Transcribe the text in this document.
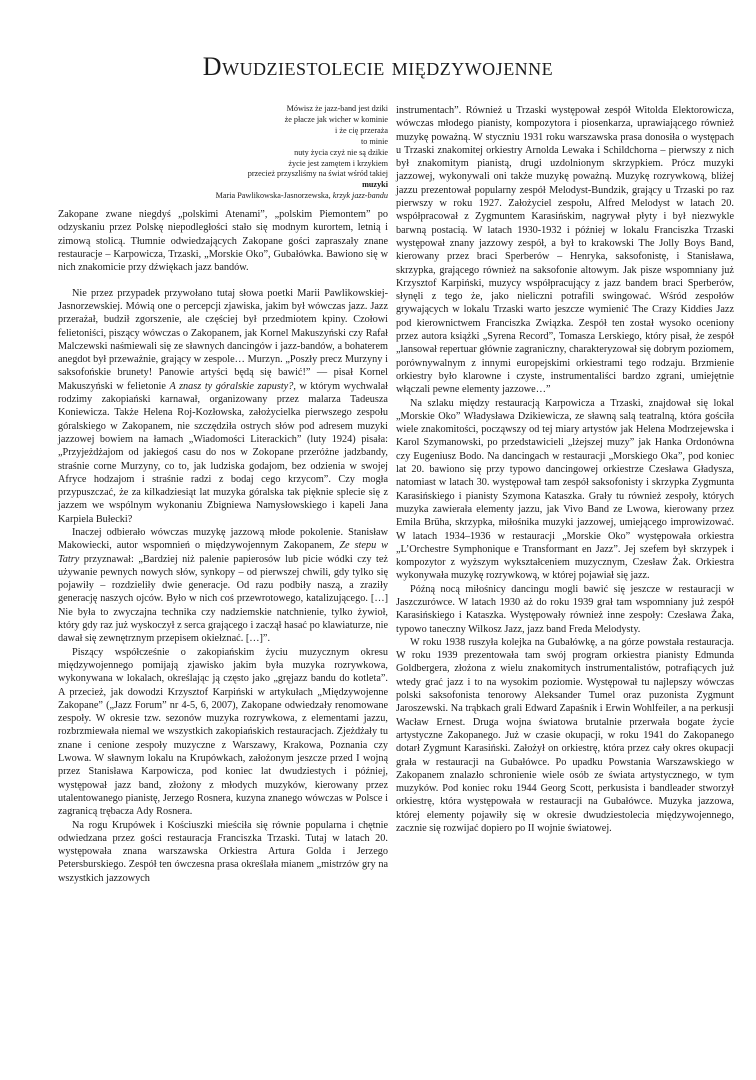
Dwudziestolecie międzywojenne
Mówisz że jazz-band jest dziki
że płacze jak wicher w kominie
i że cię przeraża
to minie
nuty życia czyż nie są dzikie
życie jest zamętem i krzykiem
przecież przyszliśmy na świat wśród takiej
muzyki
Maria Pawlikowska-Jasnorzewska, krzyk jazz-bandu

Zakopane zwane niegdyś „polskimi Atenami”, „polskim Piemontem” po odzyskaniu przez Polskę niepodległości stało się modnym kurortem, letnią i zimową stolicą. Tłumnie odwiedzających Zakopane gości zapraszały znane restauracje – Karpowicza, Trzaski, „Morskie Oko”, Gubałówka. Bawiono się w nich znakomicie przy dźwiękach jazz bandów.

Nie przez przypadek przywołano tutaj słowa poetki Marii Pawlikowskiej-Jasnorzewskiej. Mówią one o percepcji zjawiska, jakim był wówczas jazz. Jazz przerażał, budził zgorszenie, ale częściej był przedmiotem kpiny. Czołowi felietoniści, piszący wówczas o Zakopanem, jak Kornel Makuszyński czy Rafał Malczewski naśmiewali się ze sławnych dancingów i jazz-bandów, a bohaterem anegdot był przeważnie, grający w zespole… Murzyn. „Poszły precz Murzyny i saksofońskie brunety! Panowie artyści będą się bawić!” — pisał Kornel Makuszyński w felietonie A znasz ty góralskie zapusty?, w którym wychwalał rodzimy zakopiański karnawał, organizowany przez malarza Tadeusza Koniewicza. Także Helena Roj-Kozłowska, założycielka pierwszego zespołu góralskiego w Zakopanem, nie szczędziła ostrych słów pod adresem muzyki jazzowej bowiem na łamach „Wiadomości Literackich” (luty 1924) pisała: „Przyjeżdżajom od jakiegoś casu do nos w Zokopane przeróżne jadzbandy, straśnie corne Murzyny, co to, jak ludziska godajom, bez odzienia w swojej Afryce hodzajom i straśnie radzi z bodaj cego krzycom”. Czy mogła przypuszczać, że za kilkadziesiąt lat muzyka góralska tak pięknie splecie się z jazzem we wspólnym wykonaniu Zbigniewa Namysłowskiego i kapeli Jana Karpiela Bułecki?

Inaczej odbierało wówczas muzykę jazzową młode pokolenie. Stanisław Makowiecki, autor wspomnień o międzywojennym Zakopanem, Ze stepu w Tatry przyznawał: „Bardziej niż palenie papierosów lub picie wódki czy też używanie pewnych nowych słów, synkopy – od pierwszej chwili, gdy tylko się pojawiły – rozdzieliły dwie generacje. Od razu podbiły naszą, a zraziły generację naszych ojców. Było w nich coś przewrotowego, katalizującego. […] Nie była to zwyczajna technika czy nadziemskie natchnienie, tylko żywioł, który gdy raz już wyskoczył z serca grającego i zaczął hasać po klawiaturze, nie dawał się zewnętrznym przepisem okiełznać. […]”.

Piszący współcześnie o zakopiańskim życiu muzycznym okresu międzywojennego pomijają zjawisko jakim była muzyka rozrywkowa, wykonywana w lokalach, określając ją często jako „gręjazz bandu do kotleta”. A przecież, jak dowodzi Krzysztof Karpiński w artykułach „Międzywojenne Zakopane” („Jazz Forum” nr 4-5, 6, 2007), Zakopane odwiedzały renomowane zespoły. W okresie tzw. sezonów muzyka rozrywkowa, z elementami jazzu, rozbrzmiewała niemal we wszystkich zakopiańskich restauracjach. Zjeżdżały tu znane i cenione zespoły muzyczne z Warszawy, Krakowa, Poznania czy Lwowa. W sławnym lokalu na Krupówkach, założonym jeszcze przed I wojną przez Stanisława Karpowicza, pod koniec lat dwudziestych i później, występował jazz band, złożony z młodych muzyków, kierowany przez utalentowanego pianistę, Jerzego Rosnera, kuzyna znanego wówczas w Polsce i zagranicą trębacza Ady Rosnera.

Na rogu Krupówek i Kościuszki mieściła się równie popularna i chętnie odwiedzana przez gości restauracja Franciszka Trzaski. Tutaj w latach 20. występowała znana warszawska Orkiestra Artura Golda i Jerzego Petersburskiego. Zespół ten ówczesna prasa określała mianem „mistrzów gry na wszystkich jazzowych

instrumentach”. Również u Trzaski występował zespół Witolda Elektorowicza, wówczas młodego pianisty, kompozytora i piosenkarza, uprawiającego również muzykę poważną. W styczniu 1931 roku warszawska prasa donosiła o występach u Trzaski znakomitej orkiestry Arnolda Lewaka i Schildchorna – pierwszy z nich był znakomitym pianistą, drugi uzdolnionym skrzypkiem. Prócz muzyki jazzowej, wykonywali oni także muzykę poważną. Muzykę rozrywkową, bliżej jazzu prezentował popularny zespół Melodyst-Bundzik, grający u Trzaski po raz pierwszy w roku 1927. Założyciel zespołu, Alfred Melodyst w latach 20. współpracował z Zygmuntem Karasińskim, nagrywał płyty i był niezwykle barwną postacią. W latach 1930-1932 i później w lokalu Franciszka Trzaski występował znany jazzowy zespół, a był to krakowski The Jolly Boys Band, kierowany przez braci Sperberów – Henryka, saksofonistę, i Stanisława, skrzypka, grającego również na saksofonie altowym. Jak pisze wspomniany już Krzysztof Karpiński, muzycy współpracujący z jazz bandem braci Sperberów, słynęli z tego że, jako nieliczni potrafili swingować. Wśród zespołów grywających w lokalu Trzaski warto jeszcze wymienić The Crazy Kiddies Jazz pod kierownictwem Franciszka Związka. Zespół ten został wysoko oceniony przez autora książki „Syrena Record”, Tomasza Lerskiego, który pisał, że zespół „lansował repertuar głównie zagraniczny, charakteryzował się dobrym poziomem, porównywalnym z innymi europejskimi orkiestrami tego rodzaju. Brzmienie orkiestry było klarowne i czyste, instrumentaliści bardzo zgrani, umiejętnie włączali pewne elementy jazzowe…”

Na szlaku między restauracją Karpowicza a Trzaski, znajdował się lokal „Morskie Oko” Władysława Dzikiewicza, ze sławną salą teatralną, która gościła wiele znakomitości, począwszy od tej miary artystów jak Helena Modrzejewska i Karol Szymanowski, po przedstawicieli „lżejszej muzy” jak Hanka Ordonówna czy Eugeniusz Bodo. Na dancingach w restauracji „Morskiego Oka”, pod koniec lat 20. bawiono się przy typowo dancingowej orkiestrze Czesława Gładysza, natomiast w latach 30. występował tam zespół saksofonisty i skrzypka Zygmunta Karasińskiego i pianisty Szymona Kataszka. Grały tu również zespoły, których muzyka zawierała elementy jazzu, jak Vivo Band ze Lwowa, kierowany przez Emila Brüha, skrzypka, miłośnika muzyki jazzowej, umiejącego improwizować. W latach 1934–1936 w restauracji „Morskie Oko” występowała orkiestra „L’Orchestre Symphonique e Transformant en Jazz”. Jej szefem był skrzypek i kompozytor z wyższym wykształceniem muzycznym, Czesław Żak. Orkiestra wykonywała muzykę rozrywkową, w której pojawiał się jazz.

Późną nocą miłośnicy dancingu mogli bawić się jeszcze w restauracji w Jaszczurówce. W latach 1930 aż do roku 1939 grał tam wspomniany już zespół Karasińskiego i Kataszka. Występowały również inne zespoły: Czesława Żaka, typowo taneczny Wilkosz Jazz, jazz band Freda Melodysty.

W roku 1938 ruszyła kolejka na Gubałówkę, a na górze powstała restauracja. W roku 1939 prezentowała tam swój program orkiestra pianisty Edmunda Goldbergera, złożona z wielu znakomitych instrumentalistów, potrafiących już wtedy grać jazz i to na wysokim poziomie. Występował tu najlepszy wówczas polski saksofonista tenorowy Aleksander Tumel oraz puzonista Zygmunt Jaroszewski. Na trąbkach grali Edward Zapaśnik i Erwin Wohlfeiler, a na perkusji Wacław Ernest. Druga wojna światowa brutalnie przerwała bogate życie artystyczne Zakopanego. Już w czasie okupacji, w roku 1941 do Zakopanego dotarł Zygmunt Karasiński. Założył on orkiestrę, która przez cały okres okupacji grała w restauracji na Gubałówce. Po upadku Powstania Warszawskiego w Zakopanem znalazło schronienie wiele osób ze świata artystycznego, w tym muzyków. Pod koniec roku 1944 Georg Scott, perkusista i bandleader stworzył orkiestrę, która występowała w restauracji na Gubałówce. Muzyka jazzowa, której elementy pojawiły się w okresie dwudziestolecia międzywojennego, zacznie się rozwijać dopiero po II wojnie światowej.
